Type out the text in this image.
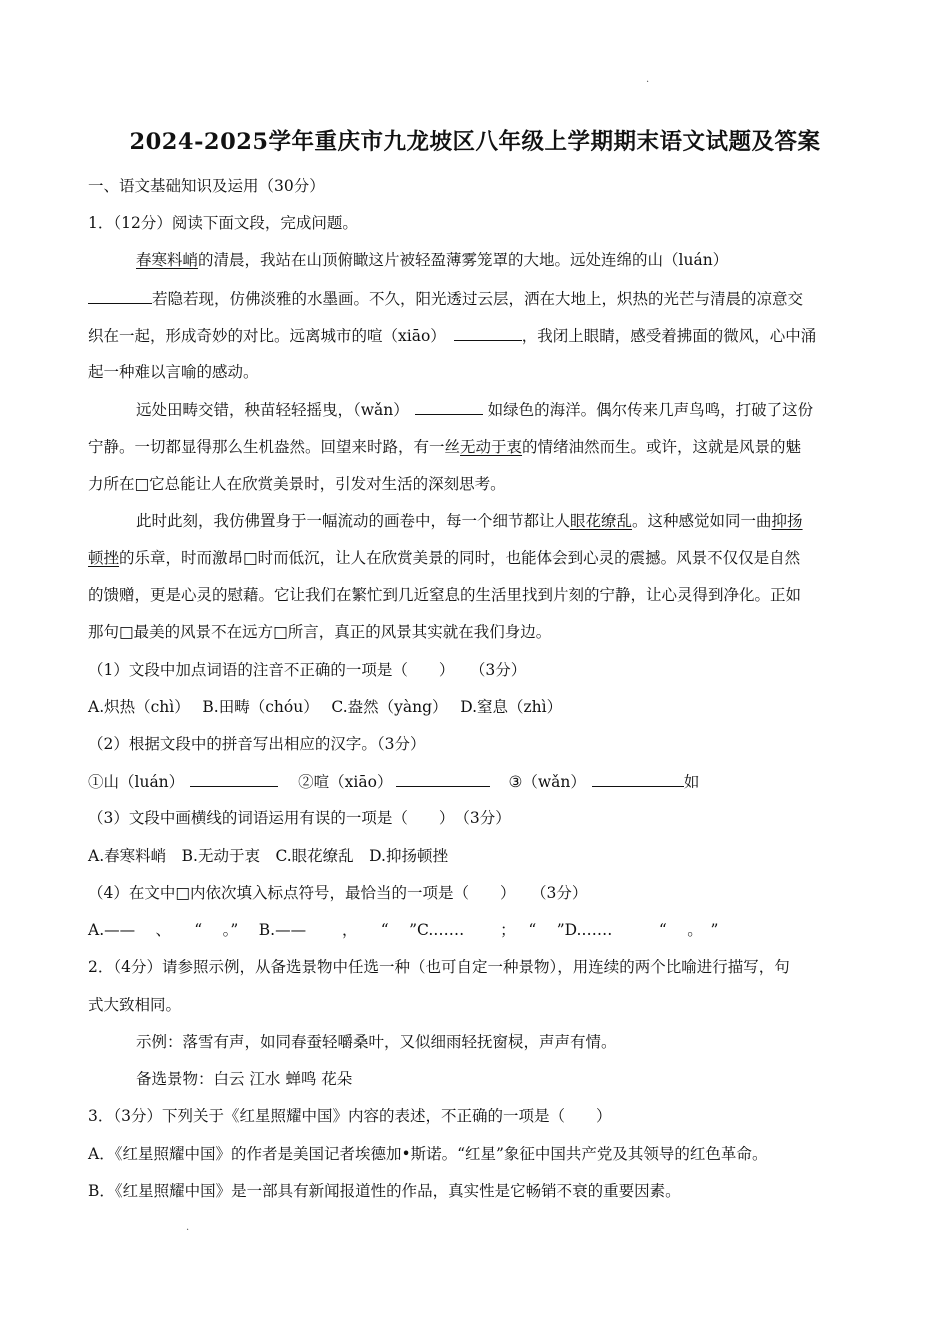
.
2024-2025学年重庆市九龙坡区八年级上学期期末语文试题及答案
一、语文基础知识及运用（30分）
1．（12分）阅读下面文段，完成问题。
春寒料峭的清晨，我站在山顶俯瞰这片被轻盈薄雾笼罩的大地。远处连绵的山（luán）
若隐若现，仿佛淡雅的水墨画。不久，阳光透过云层，洒在大地上，炽热的光芒与清晨的凉意交
织在一起，形成奇妙的对比。远离城市的喧（xiāo）	，我闭上眼睛，感受着拂面的微风，心中涌
起一种难以言喻的感动。
远处田畴交错，秧苗轻轻摇曳，（wǎn）	如绿色的海洋。偶尔传来几声鸟鸣，打破了这份
宁静。一切都显得那么生机盎然。回望来时路，有一丝无动于衷的情绪油然而生。或许，这就是风景的魅
力所在□它总能让人在欣赏美景时，引发对生活的深刻思考。
此时此刻，我仿佛置身于一幅流动的画卷中，每一个细节都让人眼花缭乱。这种感觉如同一曲抑扬
顿挫的乐章，时而激昂□时而低沉，让人在欣赏美景的同时，也能体会到心灵的震撼。风景不仅仅是自然
的馈赠，更是心灵的慰藉。它让我们在繁忙到几近窒息的生活里找到片刻的宁静，让心灵得到净化。正如
那句□最美的风景不在远方□所言，真正的风景其实就在我们身边。
（1）文段中加点词语的注音不正确的一项是（　　）　　（3分）
A.炽热（chì）　 B.田畴（chóu）　 C.盎然（yàng）　 D.窒息（zhì）
（2）根据文段中的拼音写出相应的汉字。（3分）
①山（luán）	②喧（xiāo）	③（wǎn）	如
（3）文段中画横线的词语运用有误的一项是（　　）　（3分）
A.春寒料峭　B.无动于衷　C.眼花缭乱　D.抑扬顿挫
（4）在文中□内依次填入标点符号，最恰当的一项是（　　）　　（3分）
A.——　 、　　“　 。”　 B.——　　 ，　　“　 ”C.……　　 ；　 “　 ”D.……　　　“　 。　”
2．（4分）请参照示例，从备选景物中任选一种（也可自定一种景物），用连续的两个比喻进行描写，句
式大致相同。
示例：落雪有声，如同春蚕轻嚼桑叶，又似细雨轻抚窗棂，声声有情。
备选景物：白云 江水 蝉鸣 花朵
3．（3分）下列关于《红星照耀中国》内容的表述，不正确的一项是（　　）
A．《红星照耀中国》的作者是美国记者埃德加•斯诺。“红星”象征中国共产党及其领导的红色革命。
B．《红星照耀中国》是一部具有新闻报道性的作品，真实性是它畅销不衰的重要因素。
.
